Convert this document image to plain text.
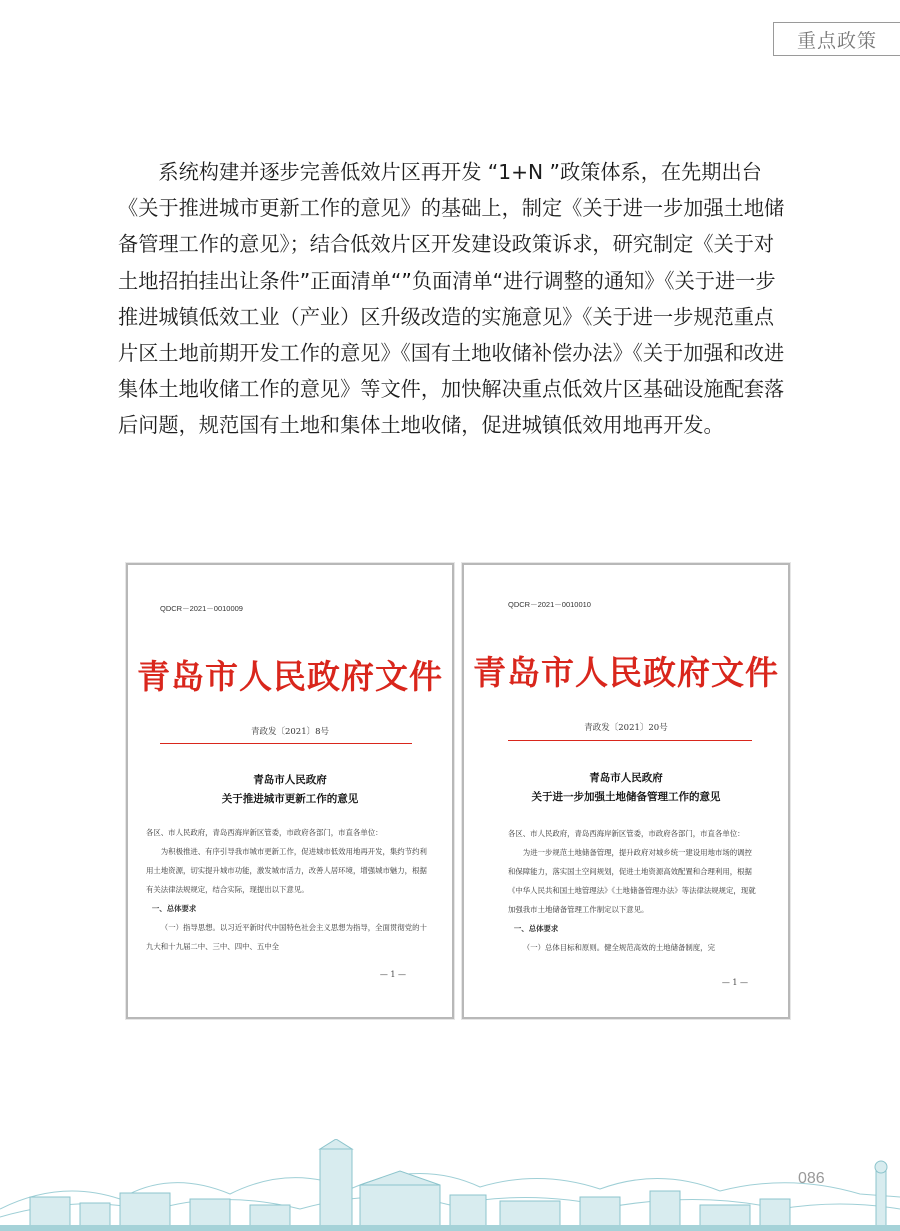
重点政策
　　系统构建并逐步完善低效片区再开发 “1+N ”政策体系，在先期出台《关于推进城市更新工作的意见》的基础上，制定《关于进一步加强土地储备管理工作的意见》；结合低效片区开发建设政策诉求，研究制定《关于对土地招拍挂出让条件”正面清单“”负面清单“进行调整的通知》《关于进一步推进城镇低效工业（产业）区升级改造的实施意见》《关于进一步规范重点片区土地前期开发工作的意见》《国有土地收储补偿办法》《关于加强和改进集体土地收储工作的意见》等文件，加快解决重点低效片区基础设施配套落后问题，规范国有土地和集体土地收储，促进城镇低效用地再开发。
QDCR－2021－0010009
青岛市人民政府文件
青政发〔2021〕8号
青岛市人民政府
关于推进城市更新工作的意见

各区、市人民政府，青岛西海岸新区管委，市政府各部门，市直各单位：

为积极推进、有序引导我市城市更新工作，促进城市低效用地再开发，集约节约利用土地资源，切实提升城市功能，激发城市活力，改善人居环境，增强城市魅力，根据有关法律法规规定，结合实际，现提出以下意见。

一、总体要求

（一）指导思想。以习近平新时代中国特色社会主义思想为指导，全面贯彻党的十九大和十九届二中、三中、四中、五中全

— 1 —
QDCR－2021－0010010
青岛市人民政府文件
青政发〔2021〕20号
青岛市人民政府
关于进一步加强土地储备管理工作的意见

各区、市人民政府，青岛西海岸新区管委，市政府各部门，市直各单位：

为进一步规范土地储备管理，提升政府对城乡统一建设用地市场的调控和保障能力，落实国土空间规划，促进土地资源高效配置和合理利用，根据《中华人民共和国土地管理法》《土地储备管理办法》等法律法规规定，现就加强我市土地储备管理工作制定以下意见。

一、总体要求

（一）总体目标和原则。健全规范高效的土地储备制度，完

— 1 —
086
